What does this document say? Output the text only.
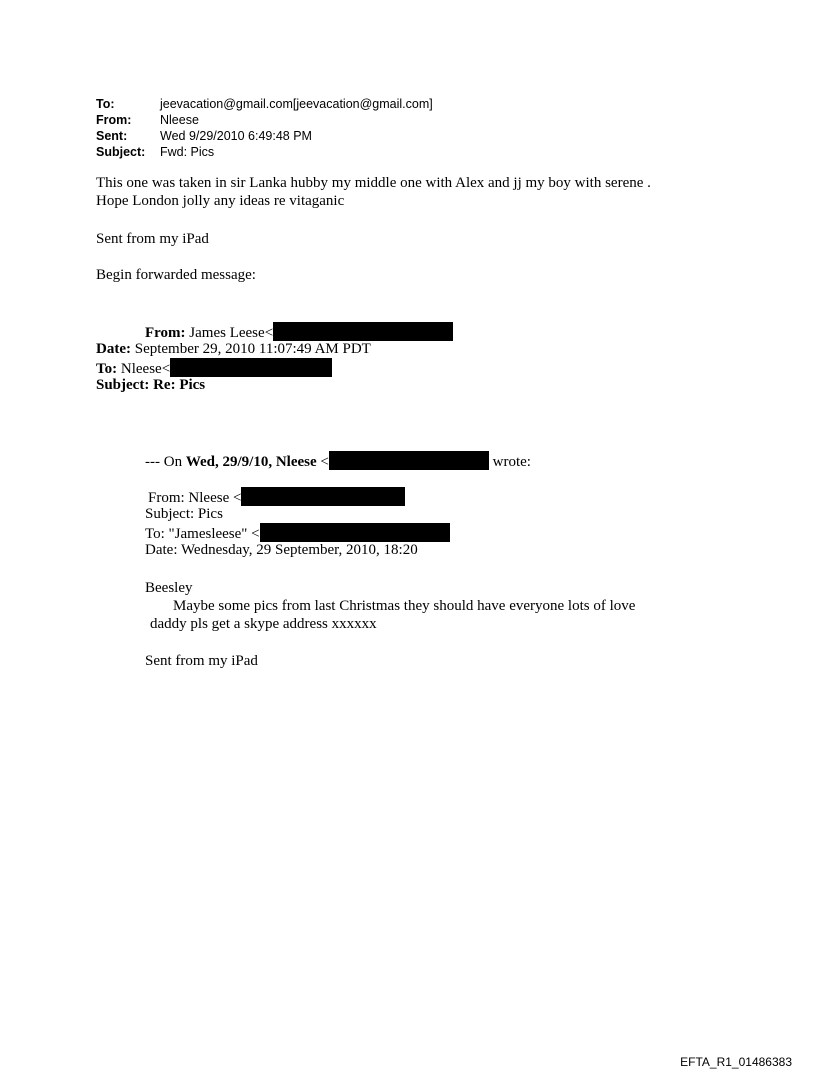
To:	jeevacation@gmail.com[jeevacation@gmail.com]
From: Nleese
Sent:	Wed 9/29/2010 6:49:48 PM
Subject: Fwd: Pics
This one was taken in sir Lanka hubby my middle one with Alex and jj my boy with serene .
Hope London jolly any ideas re vitaganic
Sent from my iPad
Begin forwarded message:
From: James Leese<
Date: September 29, 2010 11:07:49 AM PDT
To: Nleese<
Subject: Re: Pics
--- On Wed, 29/9/10, Nleese <	wrote:
From: Nleese <
Subject: Pics
To: "Jamesleese" <
Date: Wednesday, 29 September, 2010, 18:20
Beesley
Maybe some pics from last Christmas they should have everyone lots of love
daddy pls get a skype address xxxxxx
Sent from my iPad
EFTA_R1_01486383
